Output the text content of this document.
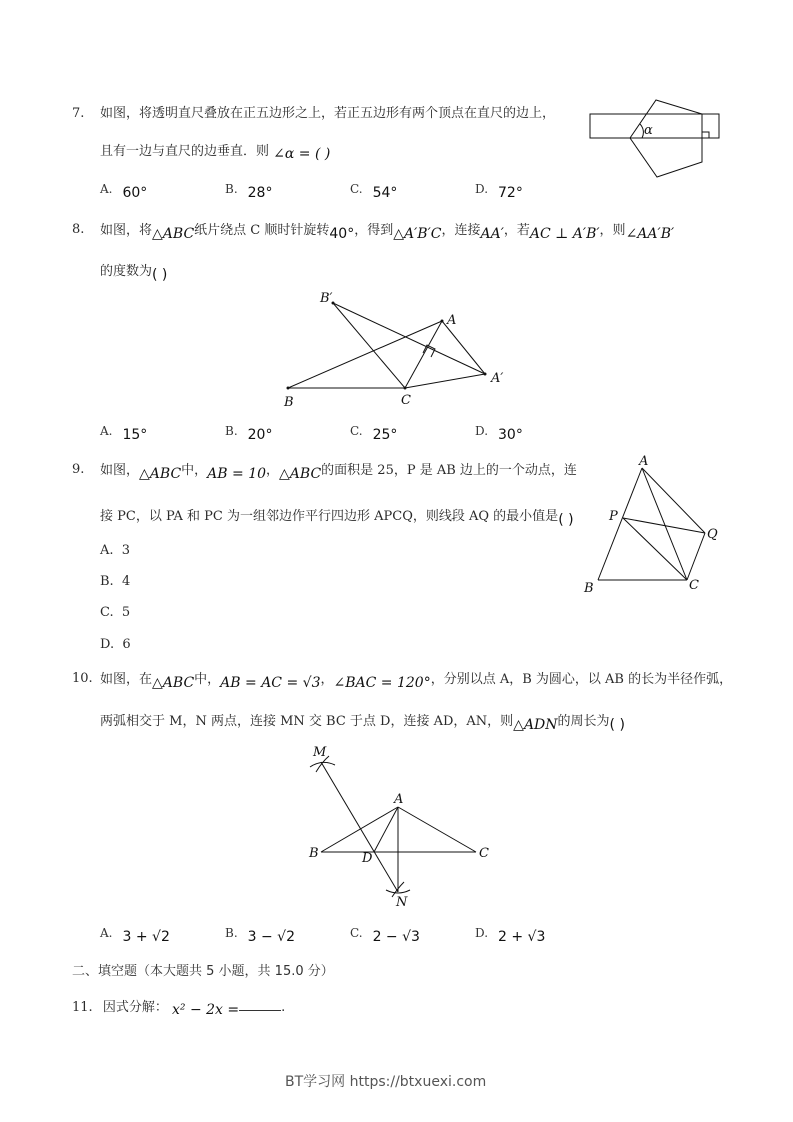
7. 如图，将透明直尺叠放在正五边形之上，若正五边形有两个顶点在直尺的边上，
且有一边与直尺的边垂直．则 ∠α = ( )
A. 60°	B. 28°	C. 54°	D. 72°
α
8. 如图，将△ABC纸片绕点 C 顺时针旋转40°，得到△A′B′C，连接AA′，若AC ⊥ A′B′，则∠AA′B′
的度数为( )
B′
A
A′
B	C
A. 15°	B. 20°	C. 25°	D. 30°
9. 如图，△ABC中，AB = 10，△ABC的面积是 25，P 是 AB 边上的一个动点，连
接 PC，以 PA 和 PC 为一组邻边作平行四边形 APCQ，则线段 AQ 的最小值是( )
A. 3
B. 4
C. 5
D. 6
A
P
Q
B	C
10. 如图，在△ABC中，AB = AC = √3，∠BAC = 120°，分别以点 A，B 为圆心，以 AB 的长为半径作弧，
两弧相交于 M，N 两点，连接 MN 交 BC 于点 D，连接 AD，AN，则△ADN的周长为( )
M
A
B	D	C
N
A. 3 + √2	B. 3 − √2	C. 2 − √3	D. 2 + √3
二、填空题（本大题共 5 小题，共 15.0 分）
11. 因式分解： x² − 2x =	.
BT学习网 https://btxuexi.com
